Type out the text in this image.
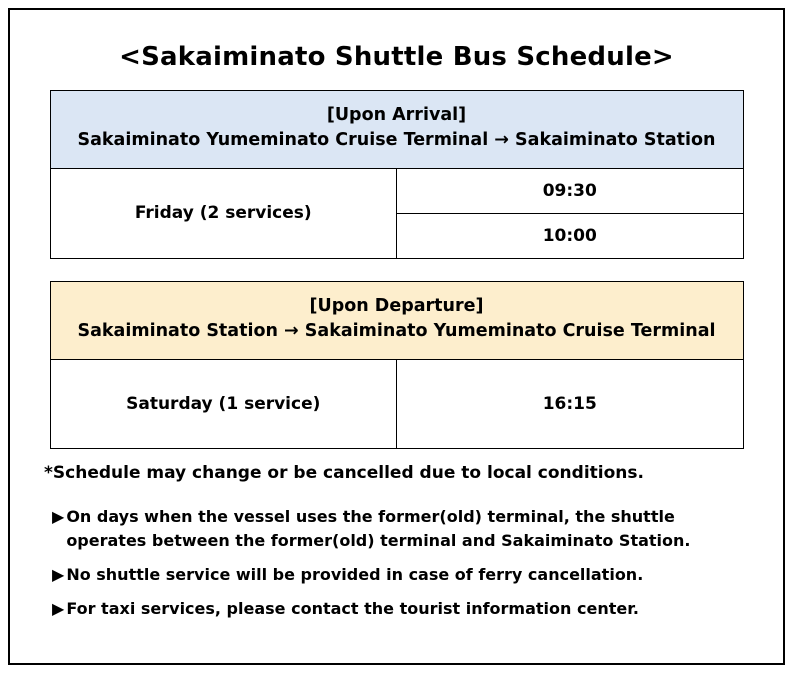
<Sakaiminato Shuttle Bus Schedule>
[Upon Arrival]
Sakaiminato Yumeminato Cruise Terminal → Sakaiminato Station

Friday (2 services)	09:30
10:00
[Upon Departure]
Sakaiminato Station → Sakaiminato Yumeminato Cruise Terminal

Saturday (1 service)	16:15
*Schedule may change or be cancelled due to local conditions.
▶ On days when the vessel uses the former(old) terminal, the shuttle operates between the former(old) terminal and Sakaiminato Station.
▶ No shuttle service will be provided in case of ferry cancellation.
▶ For taxi services, please contact the tourist information center.
